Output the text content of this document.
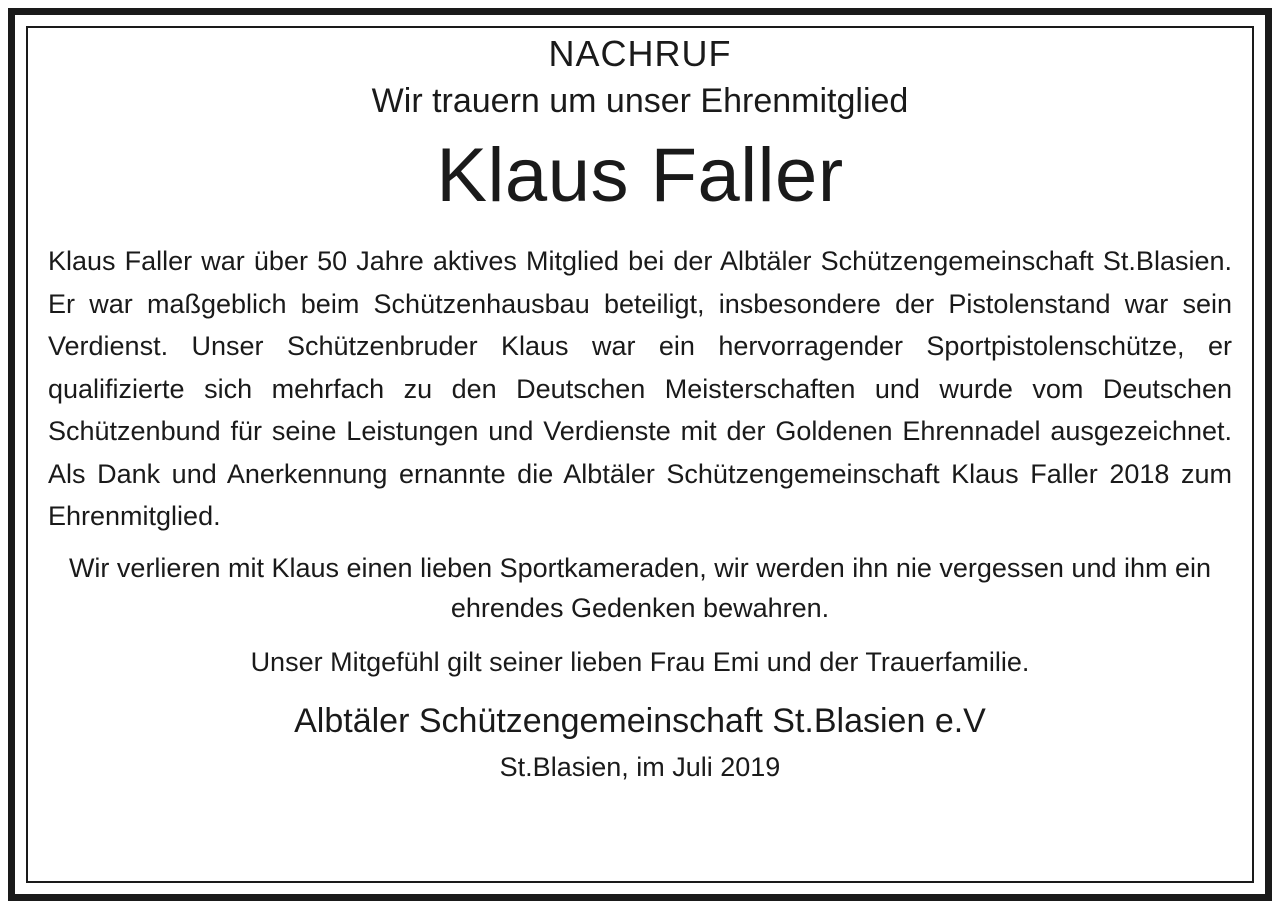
NACHRUF
Wir trauern um unser Ehrenmitglied
Klaus Faller
Klaus Faller war über 50 Jahre aktives Mitglied bei der Albtäler Schützengemeinschaft St.Blasien. Er war maßgeblich beim Schützenhausbau beteiligt, insbesondere der Pistolenstand war sein Verdienst. Unser Schützenbruder Klaus war ein hervorragender Sportpistolenschütze, er qualifizierte sich mehrfach zu den Deutschen Meisterschaften und wurde vom Deutschen Schützenbund für seine Leistungen und Verdienste mit der Goldenen Ehrennadel ausgezeichnet. Als Dank und Anerkennung ernannte die Albtäler Schützengemeinschaft Klaus Faller 2018 zum Ehrenmitglied.
Wir verlieren mit Klaus einen lieben Sportkameraden, wir werden ihn nie vergessen und ihm ein ehrendes Gedenken bewahren.
Unser Mitgefühl gilt seiner lieben Frau Emi und der Trauerfamilie.
Albtäler Schützengemeinschaft St.Blasien e.V
St.Blasien, im Juli 2019
